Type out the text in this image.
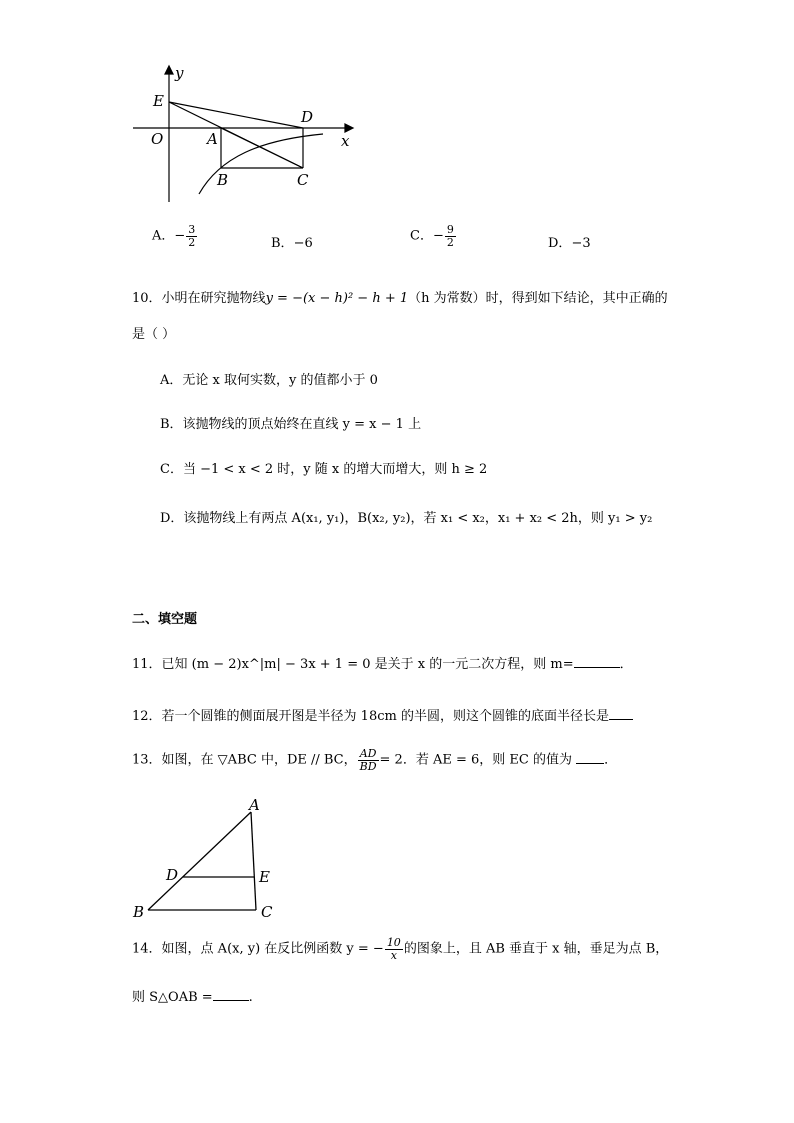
y
x
E
D
O	A
B	C
A．− $\frac{3}{2}$	B．−6	C．− $\frac{9}{2}$	D．−3
10．小明在研究抛物线y = −(x − h)² − h + 1（h 为常数）时，得到如下结论，其中正确的
是（ ）
A．无论 x 取何实数，y 的值都小于 0
B．该抛物线的顶点始终在直线 y = x − 1 上
C．当 −1 < x < 2 时，y 随 x 的增大而增大，则 h ≥ 2
D．该抛物线上有两点 A(x₁, y₁)，B(x₂, y₂)，若 x₁ < x₂，x₁ + x₂ < 2h，则 y₁ > y₂
二、填空题
11．已知 (m − 2)x^|m| − 3x + 1 = 0 是关于 x 的一元二次方程，则 m=	．
12．若一个圆锥的侧面展开图是半径为 18cm 的半圆，则这个圆锥的底面半径长是
13．如图，在 ▽ABC 中，DE // BC， $\frac{AD}{BD} = 2$．若 AE = 6，则 EC 的值为 ．
A
D	E
B	C
14．如图，点 A(x, y) 在反比例函数 y = − $\frac{10}{x}$ 的图象上，且 AB 垂直于 x 轴，垂足为点 B，
则 S△OAB =	.
